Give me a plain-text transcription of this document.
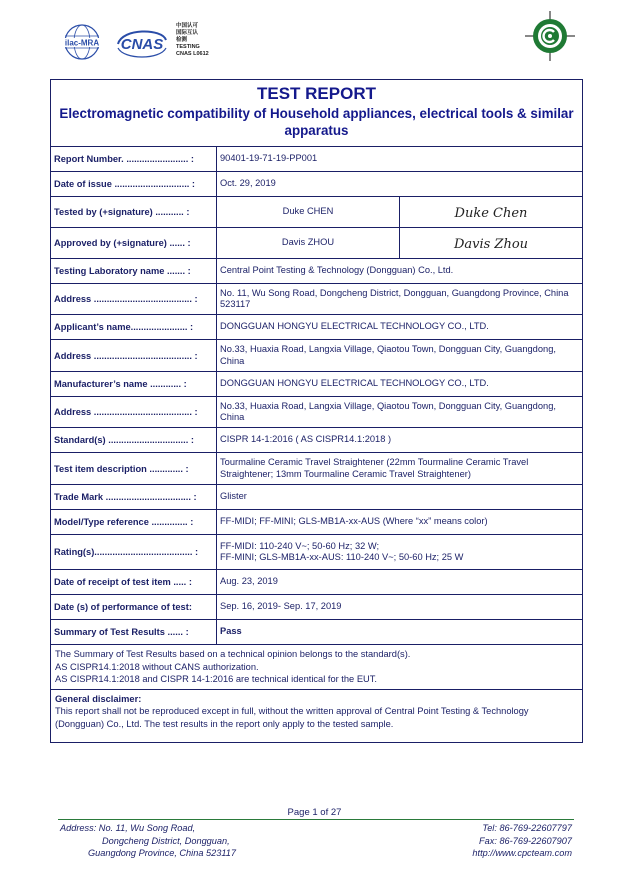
ilac-MRA CNAS
中国认可
国际互认
检测
TESTING
CNAS L0612
TEST REPORT
Electromagnetic compatibility of Household appliances, electrical tools & similar apparatus
Report Number. ........................ :	90401-19-71-19-PP001
Date of issue ............................. :	Oct. 29, 2019
Tested by (+signature) ........... :	Duke CHEN	Duke Chen
Approved by (+signature) ...... :	Davis ZHOU	Davis Zhou
Testing Laboratory name ....... :	Central Point Testing & Technology (Dongguan) Co., Ltd.
Address ...................................... :
No. 11, Wu Song Road, Dongcheng District, Dongguan, Guangdong Province, China 523117
Applicant’s name...................... :	DONGGUAN HONGYU ELECTRICAL TECHNOLOGY CO., LTD.
Address ...................................... :
No.33, Huaxia Road, Langxia Village, Qiaotou Town, Dongguan City, Guangdong, China
Manufacturer’s name ............ :	DONGGUAN HONGYU ELECTRICAL TECHNOLOGY CO., LTD.
Address ...................................... :
No.33, Huaxia Road, Langxia Village, Qiaotou Town, Dongguan City, Guangdong, China
Standard(s) ............................... :	CISPR 14-1:2016 ( AS CISPR14.1:2018 )
Test item description ............. :
Tourmaline Ceramic Travel Straightener (22mm Tourmaline Ceramic Travel Straightener; 13mm Tourmaline Ceramic Travel Straightener)
Trade Mark ................................. :	Glister
Model/Type reference .............. :	FF-MIDI; FF-MINI; GLS-MB1A-xx-AUS (Where “xx” means color)
Rating(s)...................................... :
FF-MIDI: 110-240 V~; 50-60 Hz; 32 W;
FF-MINI; GLS-MB1A-xx-AUS: 110-240 V~; 50-60 Hz; 25 W
Date of receipt of test item ..... :	Aug. 23, 2019
Date (s) of performance of test:	Sep. 16, 2019- Sep. 17, 2019
Summary of Test Results ...... :	Pass
The Summary of Test Results based on a technical opinion belongs to the standard(s).
AS CISPR14.1:2018 without CANS authorization.
AS CISPR14.1:2018 and CISPR 14-1:2016 are technical identical for the EUT.
General disclaimer:
This report shall not be reproduced except in full, without the written approval of Central Point Testing & Technology (Dongguan) Co., Ltd. The test results in the report only apply to the tested sample.
Page 1 of 27
Address: No. 11, Wu Song Road,
Dongcheng District, Dongguan,
Guangdong Province, China 523117
Tel: 86-769-22607797
Fax: 86-769-22607907
http://www.cpcteam.com
